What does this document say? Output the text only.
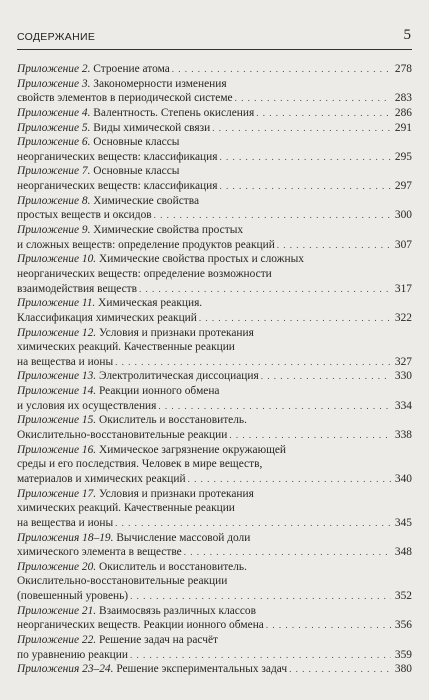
СОДЕРЖАНИЕ	5
Приложение 2. Строение атома . . .	278
Приложение 3. Закономерности изменения
свойств элементов в периодической системе . . .	283
Приложение 4. Валентность. Степень окисления . . .	286
Приложение 5. Виды химической связи . . .	291
Приложение 6. Основные классы
неорганических веществ: классификация . . .	295
Приложение 7. Основные классы
неорганических веществ: классификация . . .	297
Приложение 8. Химические свойства
простых веществ и оксидов . . .	300
Приложение 9. Химические свойства простых
и сложных веществ: определение продуктов реакций . . .	307
Приложение 10. Химические свойства простых и сложных
неорганических веществ: определение возможности
взаимодействия веществ . . .	317
Приложение 11. Химическая реакция.
Классификация химических реакций . . .	322
Приложение 12. Условия и признаки протекания
химических реакций. Качественные реакции
на вещества и ионы . . .	327
Приложение 13. Электролитическая диссоциация . . .	330
Приложение 14. Реакции ионного обмена
и условия их осуществления . . .	334
Приложение 15. Окислитель и восстановитель.
Окислительно-восстановительные реакции . . .	338
Приложение 16. Химическое загрязнение окружающей
среды и его последствия. Человек в мире веществ,
материалов и химических реакций . . .	340
Приложение 17. Условия и признаки протекания
химических реакций. Качественные реакции
на вещества и ионы . . .	345
Приложения 18–19. Вычисление массовой доли
химического элемента в веществе . . .	348
Приложение 20. Окислитель и восстановитель.
Окислительно-восстановительные реакции
(повешенный уровень) . . .	352
Приложение 21. Взаимосвязь различных классов
неорганических веществ. Реакции ионного обмена . . .	356
Приложение 22. Решение задач на расчёт
по уравнению реакции . . .	359
Приложения 23–24. Решение экспериментальных задач . . .	380
